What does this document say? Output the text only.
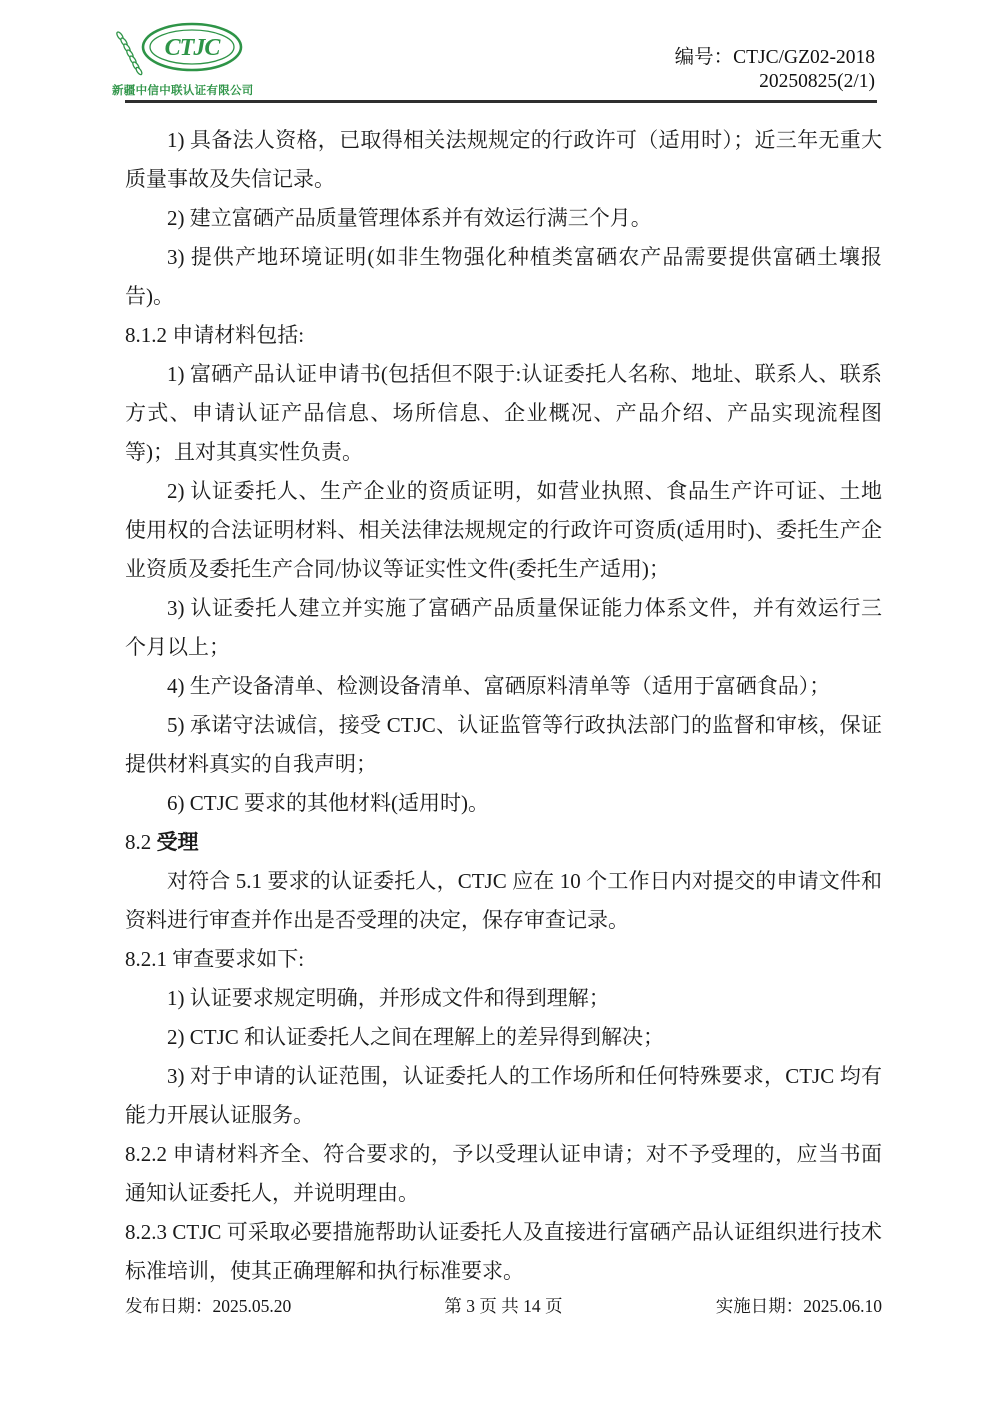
CTJC
新疆中信中联认证有限公司
编号：CTJC/GZ02-2018
20250825(2/1)

1) 具备法人资格，已取得相关法规规定的行政许可（适用时）；近三年无重大质量事故及失信记录。

2) 建立富硒产品质量管理体系并有效运行满三个月。

3) 提供产地环境证明(如非生物强化种植类富硒农产品需要提供富硒土壤报告)。

8.1.2 申请材料包括:

1) 富硒产品认证申请书(包括但不限于:认证委托人名称、地址、联系人、联系方式、申请认证产品信息、场所信息、企业概况、产品介绍、产品实现流程图等)；且对其真实性负责。

2) 认证委托人、生产企业的资质证明，如营业执照、食品生产许可证、土地使用权的合法证明材料、相关法律法规规定的行政许可资质(适用时)、委托生产企业资质及委托生产合同/协议等证实性文件(委托生产适用)；

3) 认证委托人建立并实施了富硒产品质量保证能力体系文件，并有效运行三个月以上；

4) 生产设备清单、检测设备清单、富硒原料清单等（适用于富硒食品）；

5) 承诺守法诚信，接受 CTJC、认证监管等行政执法部门的监督和审核，保证提供材料真实的自我声明；

6) CTJC 要求的其他材料(适用时)。

8.2 受理

对符合 5.1 要求的认证委托人，CTJC 应在 10 个工作日内对提交的申请文件和资料进行审查并作出是否受理的决定，保存审查记录。

8.2.1 审查要求如下:

1) 认证要求规定明确，并形成文件和得到理解；

2) CTJC 和认证委托人之间在理解上的差异得到解决；

3) 对于申请的认证范围，认证委托人的工作场所和任何特殊要求，CTJC 均有能力开展认证服务。

8.2.2 申请材料齐全、符合要求的，予以受理认证申请；对不予受理的，应当书面通知认证委托人，并说明理由。

8.2.3 CTJC 可采取必要措施帮助认证委托人及直接进行富硒产品认证组织进行技术标准培训，使其正确理解和执行标准要求。

发布日期：2025.05.20	第 3 页 共 14 页	实施日期：2025.06.10
